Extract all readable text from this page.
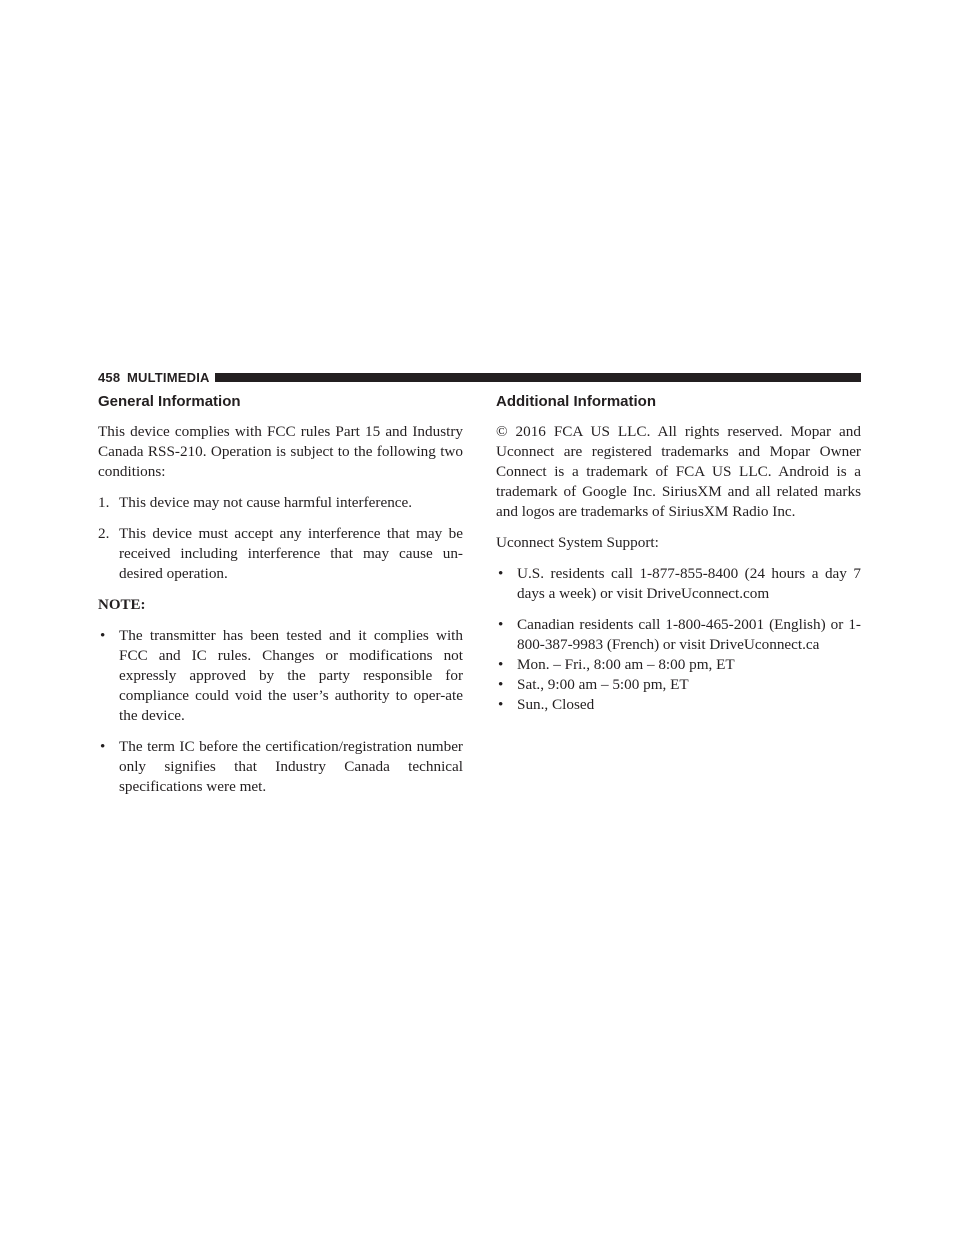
458 MULTIMEDIA
General Information

This device complies with FCC rules Part 15 and Industry Canada RSS-210. Operation is subject to the following two conditions:

1. This device may not cause harmful interference.
2. This device must accept any interference that may be received including interference that may cause un-desired operation.
NOTE:
• The transmitter has been tested and it complies with FCC and IC rules. Changes or modifications not expressly approved by the party responsible for compliance could void the user’s authority to oper-ate the device.
• The term IC before the certification/registration number only signifies that Industry Canada technical specifications were met.
Additional Information

© 2016 FCA US LLC. All rights reserved. Mopar and Uconnect are registered trademarks and Mopar Owner Connect is a trademark of FCA US LLC. Android is a trademark of Google Inc. SiriusXM and all related marks and logos are trademarks of SiriusXM Radio Inc.

Uconnect System Support:

• U.S. residents call 1-877-855-8400 (24 hours a day 7 days a week) or visit DriveUconnect.com
• Canadian residents call 1-800-465-2001 (English) or 1-800-387-9983 (French) or visit DriveUconnect.ca
• Mon. – Fri., 8:00 am – 8:00 pm, ET
• Sat., 9:00 am – 5:00 pm, ET
• Sun., Closed
